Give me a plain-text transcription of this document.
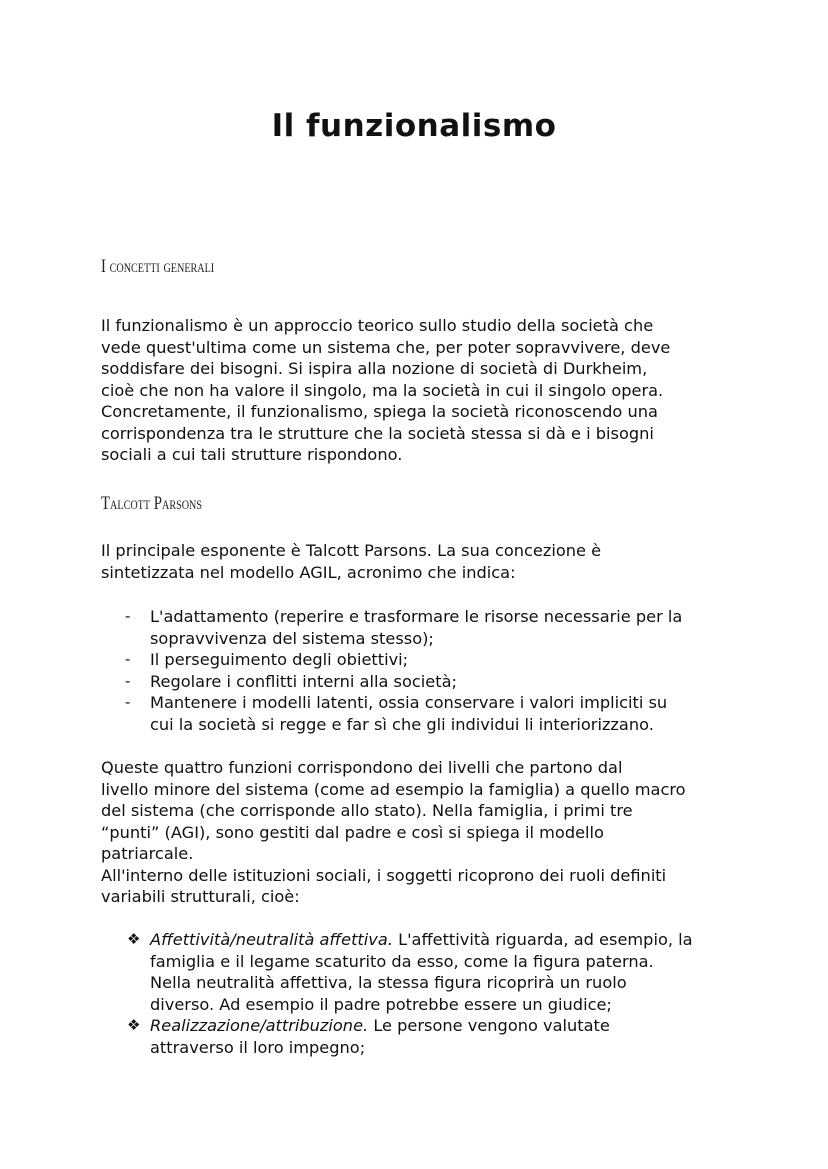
Il funzionalismo
I concetti generali
Il funzionalismo è un approccio teorico sullo studio della società che
vede quest'ultima come un sistema che, per poter sopravvivere, deve
soddisfare dei bisogni. Si ispira alla nozione di società di Durkheim,
cioè che non ha valore il singolo, ma la società in cui il singolo opera.
Concretamente, il funzionalismo, spiega la società riconoscendo una
corrispondenza tra le strutture che la società stessa si dà e i bisogni
sociali a cui tali strutture rispondono.
Talcott Parsons
Il principale esponente è Talcott Parsons. La sua concezione è
sintetizzata nel modello AGIL, acronimo che indica:
- L'adattamento (reperire e trasformare le risorse necessarie per la
sopravvivenza del sistema stesso);
- Il perseguimento degli obiettivi;
- Regolare i conflitti interni alla società;
- Mantenere i modelli latenti, ossia conservare i valori impliciti su
cui la società si regge e far sì che gli individui li interiorizzano.
Queste quattro funzioni corrispondono dei livelli che partono dal
livello minore del sistema (come ad esempio la famiglia) a quello macro
del sistema (che corrisponde allo stato). Nella famiglia, i primi tre
“punti” (AGI), sono gestiti dal padre e così si spiega il modello
patriarcale.
All'interno delle istituzioni sociali, i soggetti ricoprono dei ruoli definiti
variabili strutturali, cioè:
❖ Affettività/neutralità affettiva. L'affettività riguarda, ad esempio, la
famiglia e il legame scaturito da esso, come la figura paterna.
Nella neutralità affettiva, la stessa figura ricoprirà un ruolo
diverso. Ad esempio il padre potrebbe essere un giudice;
❖ Realizzazione/attribuzione. Le persone vengono valutate
attraverso il loro impegno;
